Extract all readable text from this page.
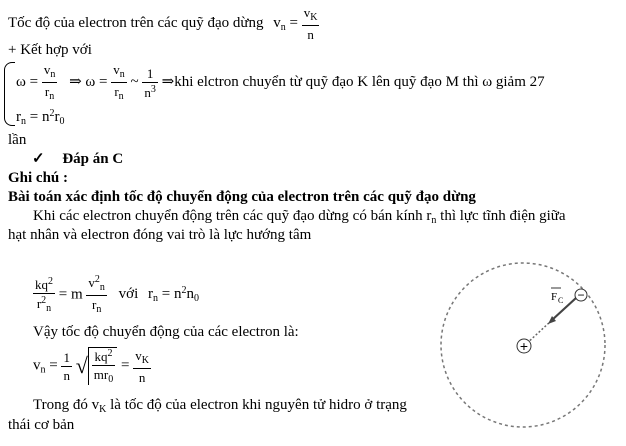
Tốc độ của electron trên các quỹ đạo dừng $v_n = \frac{v_K}{n}$
+ Kết hợp với
$\omega = \frac{v_n}{r_n}$ ⇒ $\omega = \frac{v_n}{r_n}$ ~ $\frac{1}{n^3}$ ⇒khi elctron chuyển từ quỹ đạo K lên quỹ đạo M thì ω giảm 27
$r_n = n^2r_0$
lần
✓ Đáp án C
Ghi chú :
Bài toán xác định tốc độ chuyển động của electron trên các quỹ đạo dừng
Khi các electron chuyển động trên các quỹ đạo dừng có bán kính $r_n$ thì lực tĩnh điện giữa
hạt nhân và electron đóng vai trò là lực hướng tâm
$\frac{kq^2}{r^2_n} = m \frac{v^2_n}{r_n}$ với $r_n = n^2n_0$
Vậy tốc độ chuyển động của các electron là:
$v_n = \frac{1}{n}$ √ $\frac{kq^2}{mr_0} = \frac{v_K}{n}$
Trong đó $v_K$ là tốc độ của electron khi nguyên tử hidro ở trạng
thái cơ bản
+
−
F C
